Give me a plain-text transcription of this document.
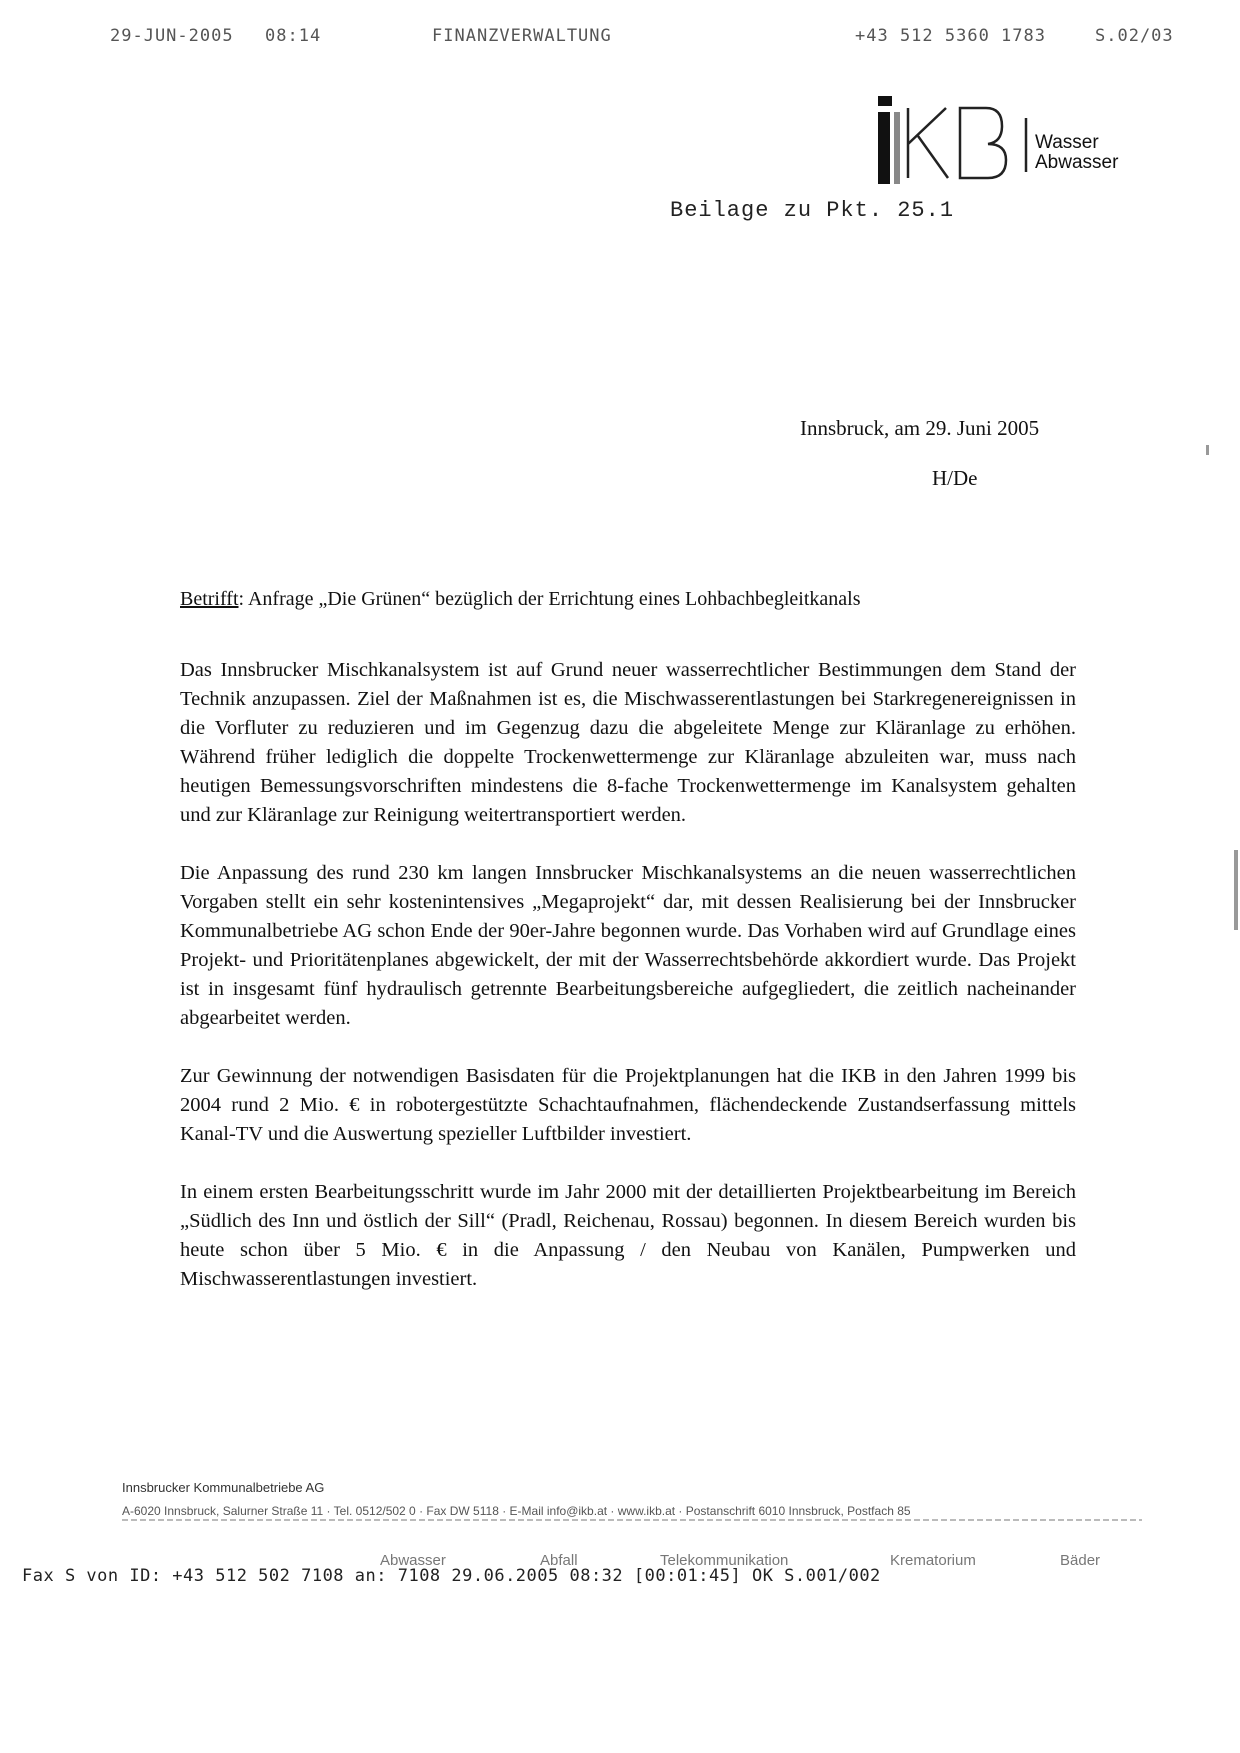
29-JUN-2005 08:14	FINANZVERWALTUNG	+43 512 5360 1783	S.02/03
Wasser
Abwasser
Beilage zu Pkt. 25.1
Innsbruck, am 29. Juni 2005
H/De
Betrifft: Anfrage „Die Grünen“ bezüglich der Errichtung eines Lohbachbegleitkanals

Das Innsbrucker Mischkanalsystem ist auf Grund neuer wasserrechtlicher Bestimmungen dem Stand der Technik anzupassen. Ziel der Maßnahmen ist es, die Mischwasserentlastungen bei Starkregenereignissen in die Vorfluter zu reduzieren und im Gegenzug dazu die abgeleitete Menge zur Kläranlage zu erhöhen. Während früher lediglich die doppelte Trockenwettermenge zur Kläranlage abzuleiten war, muss nach heutigen Bemessungsvorschriften mindestens die 8-fache Trockenwettermenge im Kanalsystem gehalten und zur Kläranlage zur Reinigung weitertransportiert werden.

Die Anpassung des rund 230 km langen Innsbrucker Mischkanalsystems an die neuen wasserrechtlichen Vorgaben stellt ein sehr kostenintensives „Megaprojekt“ dar, mit dessen Realisierung bei der Innsbrucker Kommunalbetriebe AG schon Ende der 90er-Jahre begonnen wurde. Das Vorhaben wird auf Grundlage eines Projekt- und Prioritätenplanes abgewickelt, der mit der Wasserrechtsbehörde akkordiert wurde. Das Projekt ist in insgesamt fünf hydraulisch getrennte Bearbeitungsbereiche aufgegliedert, die zeitlich nacheinander abgearbeitet werden.

Zur Gewinnung der notwendigen Basisdaten für die Projektplanungen hat die IKB in den Jahren 1999 bis 2004 rund 2 Mio. € in robotergestützte Schachtaufnahmen, flächendeckende Zustandserfassung mittels Kanal-TV und die Auswertung spezieller Luftbilder investiert.

In einem ersten Bearbeitungsschritt wurde im Jahr 2000 mit der detaillierten Projektbearbeitung im Bereich „Südlich des Inn und östlich der Sill“ (Pradl, Reichenau, Rossau) begonnen. In diesem Bereich wurden bis heute schon über 5 Mio. € in die Anpassung / den Neubau von Kanälen, Pumpwerken und Mischwasserentlastungen investiert.

Innsbrucker Kommunalbetriebe AG
A-6020 Innsbruck, Salurner Straße 11 · Tel. 0512/502 0 · Fax DW 5118 · E-Mail info@ikb.at · www.ikb.at · Postanschrift 6010 Innsbruck, Postfach 85
Abwasser	Abfall	Telekommunikation	Krematorium	Bäder
Fax S von ID: +43 512 502 7108 an: 7108 29.06.2005 08:32 [00:01:45] OK S.001/002
